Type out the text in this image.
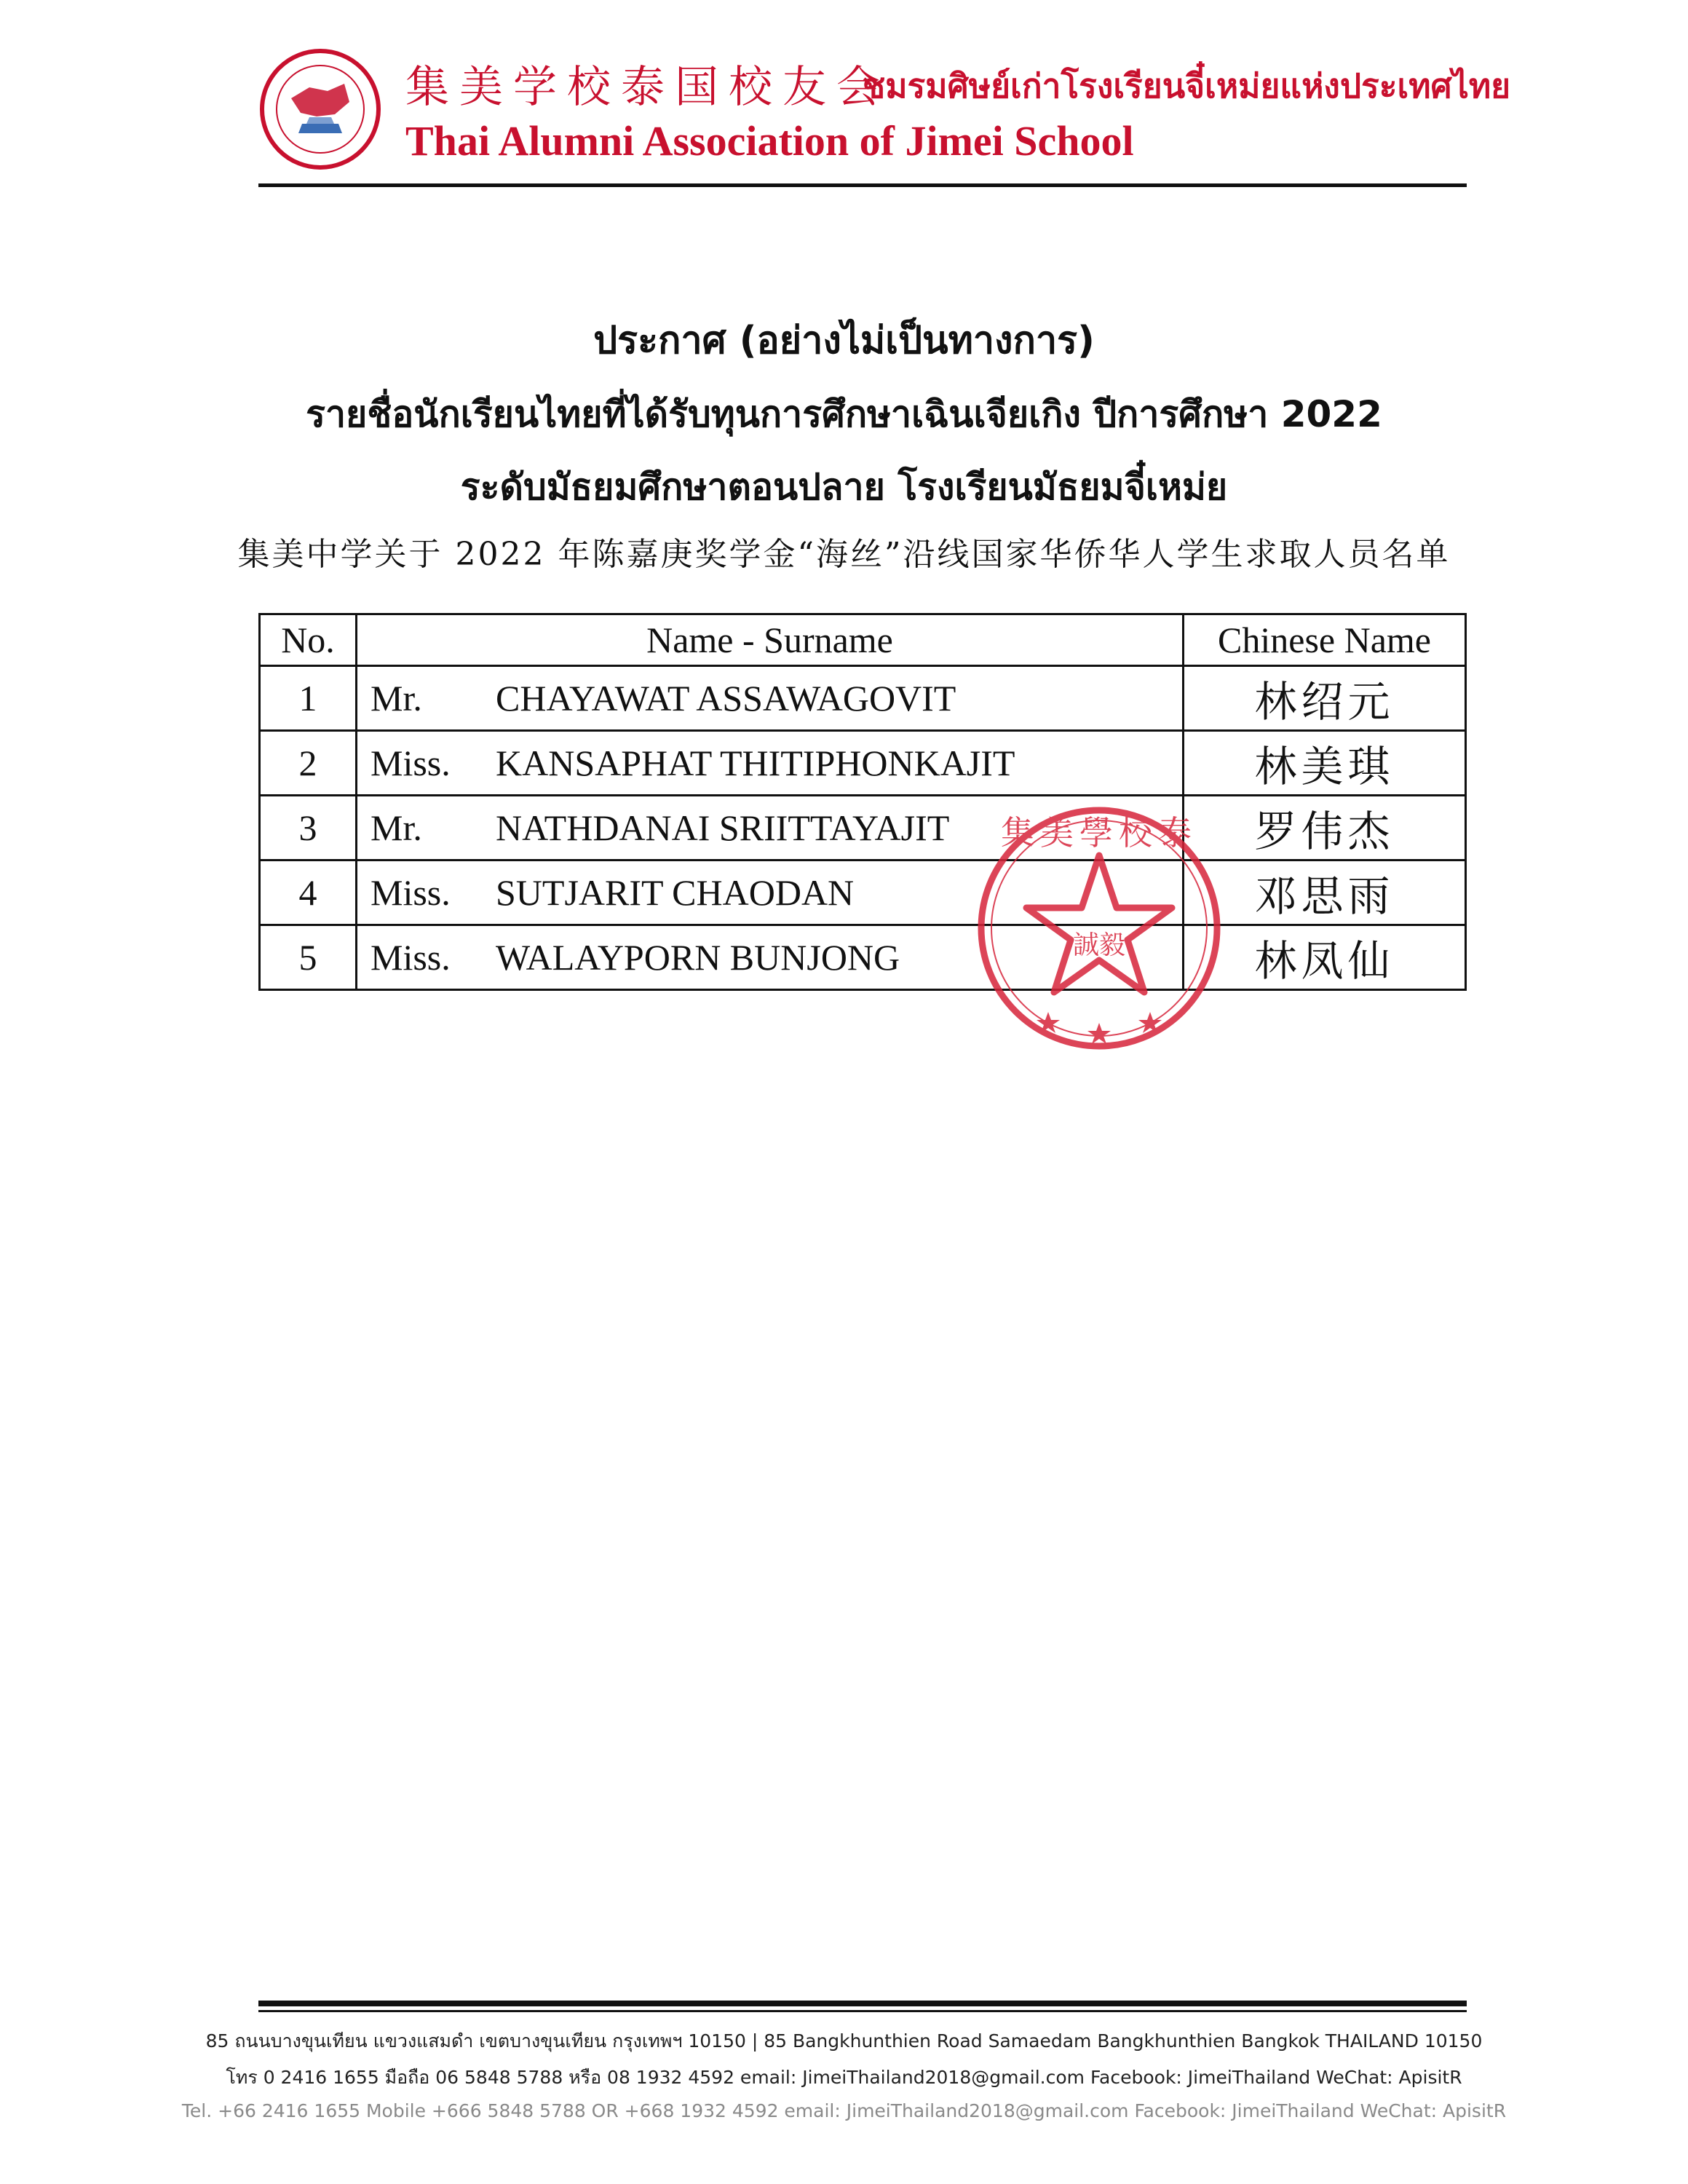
集美学校泰国校友会
ชมรมศิษย์เก่าโรงเรียนจี๋เหม่ยแห่งประเทศไทย
Thai Alumni Association of Jimei School
ประกาศ (อย่างไม่เป็นทางการ)
รายชื่อนักเรียนไทยที่ได้รับทุนการศึกษาเฉินเจียเกิง ปีการศึกษา 2022
ระดับมัธยมศึกษาตอนปลาย โรงเรียนมัธยมจี๋เหม่ย
集美中学关于 2022 年陈嘉庚奖学金“海丝”沿线国家华侨华人学生求取人员名单
No.	Name - Surname	Chinese Name
1	Mr. CHAYAWAT ASSAWAGOVIT	林绍元
2	Miss. KANSAPHAT THITIPHONKAJIT	林美琪
3	Mr. NATHDANAI SRIITTAYAJIT	罗伟杰
4	Miss. SUTJARIT CHAODAN	邓思雨
5	Miss. WALAYPORN BUNJONG	林凤仙
集美學校泰
誠毅
85 ถนนบางขุนเทียน แขวงแสมดำ เขตบางขุนเทียน กรุงเทพฯ 10150 | 85 Bangkhunthien Road Samaedam Bangkhunthien Bangkok THAILAND 10150
โทร 0 2416 1655 มือถือ 06 5848 5788 หรือ 08 1932 4592 email: JimeiThailand2018@gmail.com Facebook: JimeiThailand WeChat: ApisitR
Tel. +66 2416 1655 Mobile +666 5848 5788 OR +668 1932 4592 email: JimeiThailand2018@gmail.com Facebook: JimeiThailand WeChat: ApisitR
